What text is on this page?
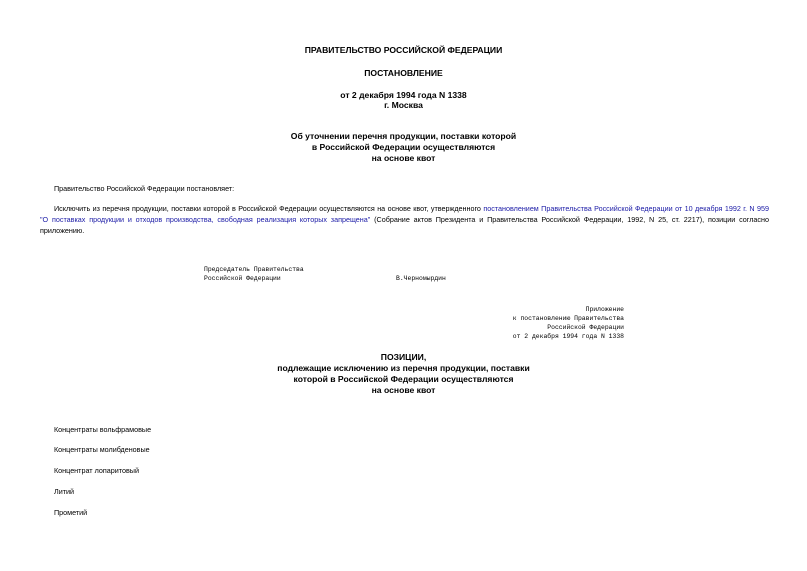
ПРАВИТЕЛЬСТВО РОССИЙСКОЙ ФЕДЕРАЦИИ
ПОСТАНОВЛЕНИЕ
от 2 декабря 1994 года N 1338
г. Москва
Об уточнении перечня продукции, поставки которой
в Российской Федерации осуществляются
на основе квот
Правительство Российской Федерации постановляет:
Исключить из перечня продукции, поставки которой в Российской Федерации осуществляются на основе квот, утвержденного постановлением Правительства Российской Федерации от 10 декабря 1992 г. N 959 "О поставках продукции и отходов производства, свободная реализация которых запрещена" (Собрание актов Президента и Правительства Российской Федерации, 1992, N 25, ст. 2217), позиции согласно приложению.
Председатель Правительства
Российской Федерации	В.Черномырдин
Приложение
к постановлению Правительства
Российской Федерации
от 2 декабря 1994 года N 1338
ПОЗИЦИИ,
подлежащие исключению из перечня продукции, поставки
которой в Российской Федерации осуществляются
на основе квот
Концентраты вольфрамовые
Концентраты молибденовые
Концентрат лопаритовый
Литий
Прометий
